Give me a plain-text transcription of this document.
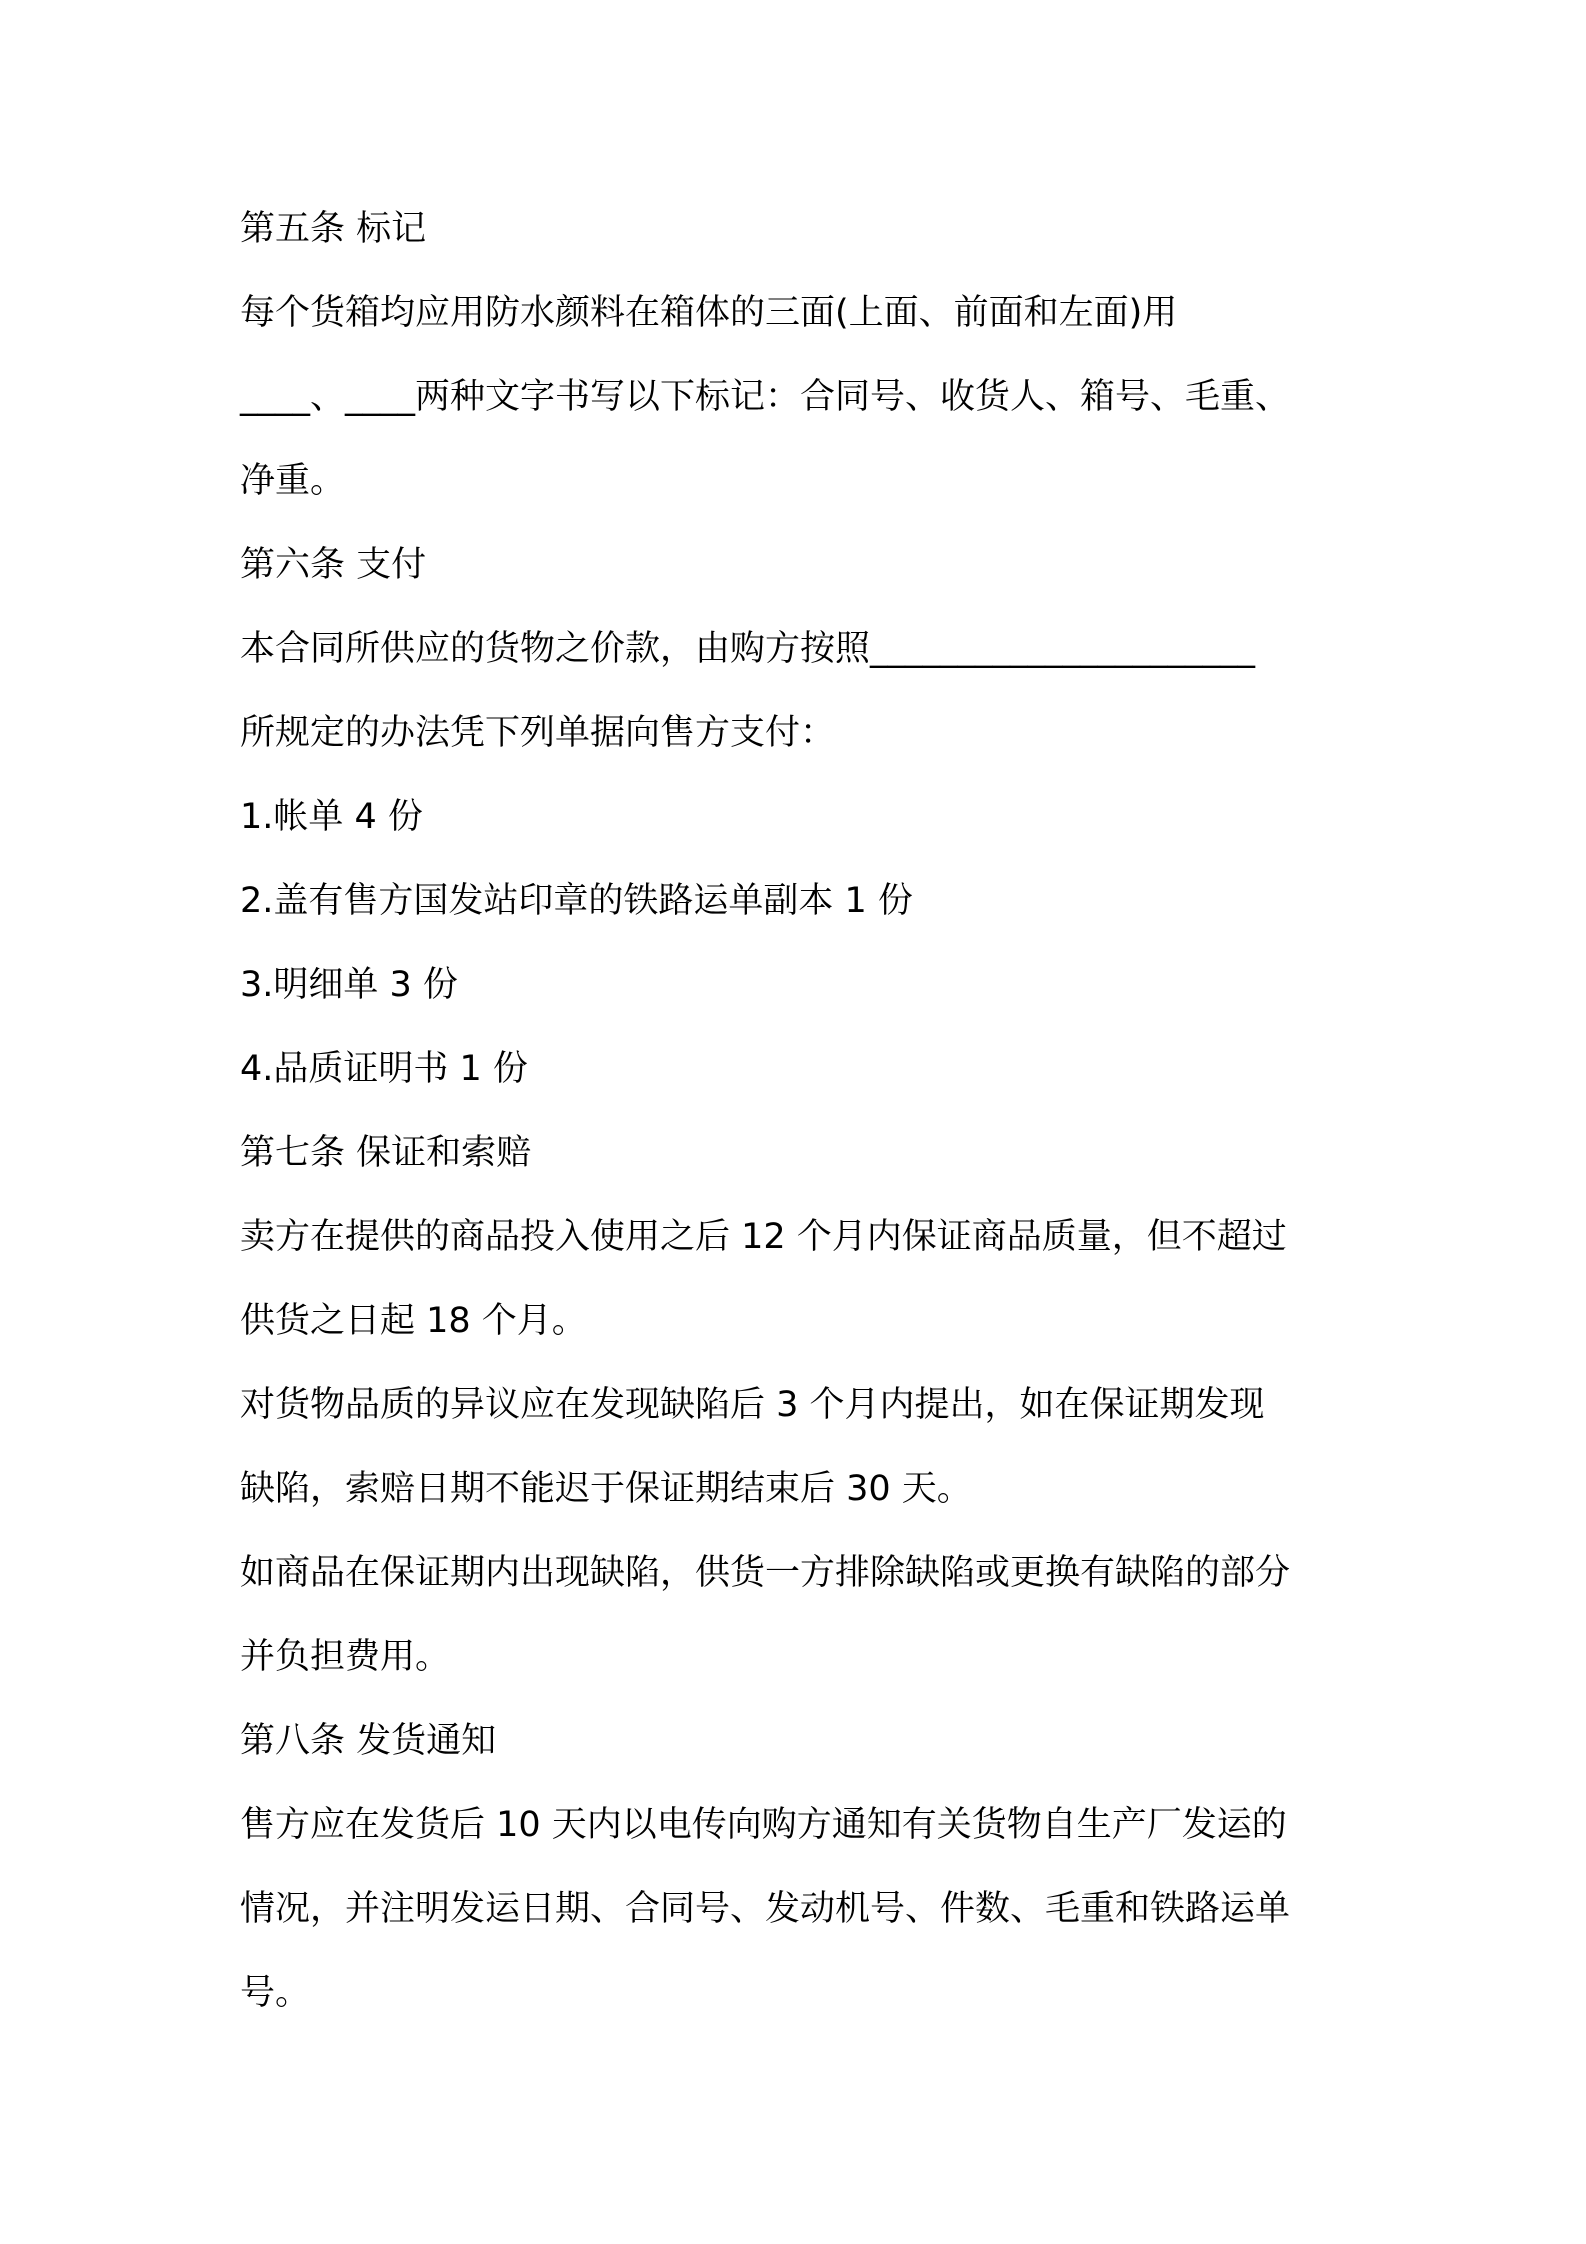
第五条 标记

每个货箱均应用防水颜料在箱体的三面(上面、前面和左面)用

____、____两种文字书写以下标记：合同号、收货人、箱号、毛重、

净重。

第六条 支付

本合同所供应的货物之价款，由购方按照______________________

所规定的办法凭下列单据向售方支付：

1.帐单 4 份

2.盖有售方国发站印章的铁路运单副本 1 份

3.明细单 3 份

4.品质证明书 1 份

第七条 保证和索赔

卖方在提供的商品投入使用之后 12 个月内保证商品质量，但不超过

供货之日起 18 个月。

对货物品质的异议应在发现缺陷后 3 个月内提出，如在保证期发现

缺陷，索赔日期不能迟于保证期结束后 30 天。

如商品在保证期内出现缺陷，供货一方排除缺陷或更换有缺陷的部分

并负担费用。

第八条 发货通知

售方应在发货后 10 天内以电传向购方通知有关货物自生产厂发运的

情况，并注明发运日期、合同号、发动机号、件数、毛重和铁路运单

号。
